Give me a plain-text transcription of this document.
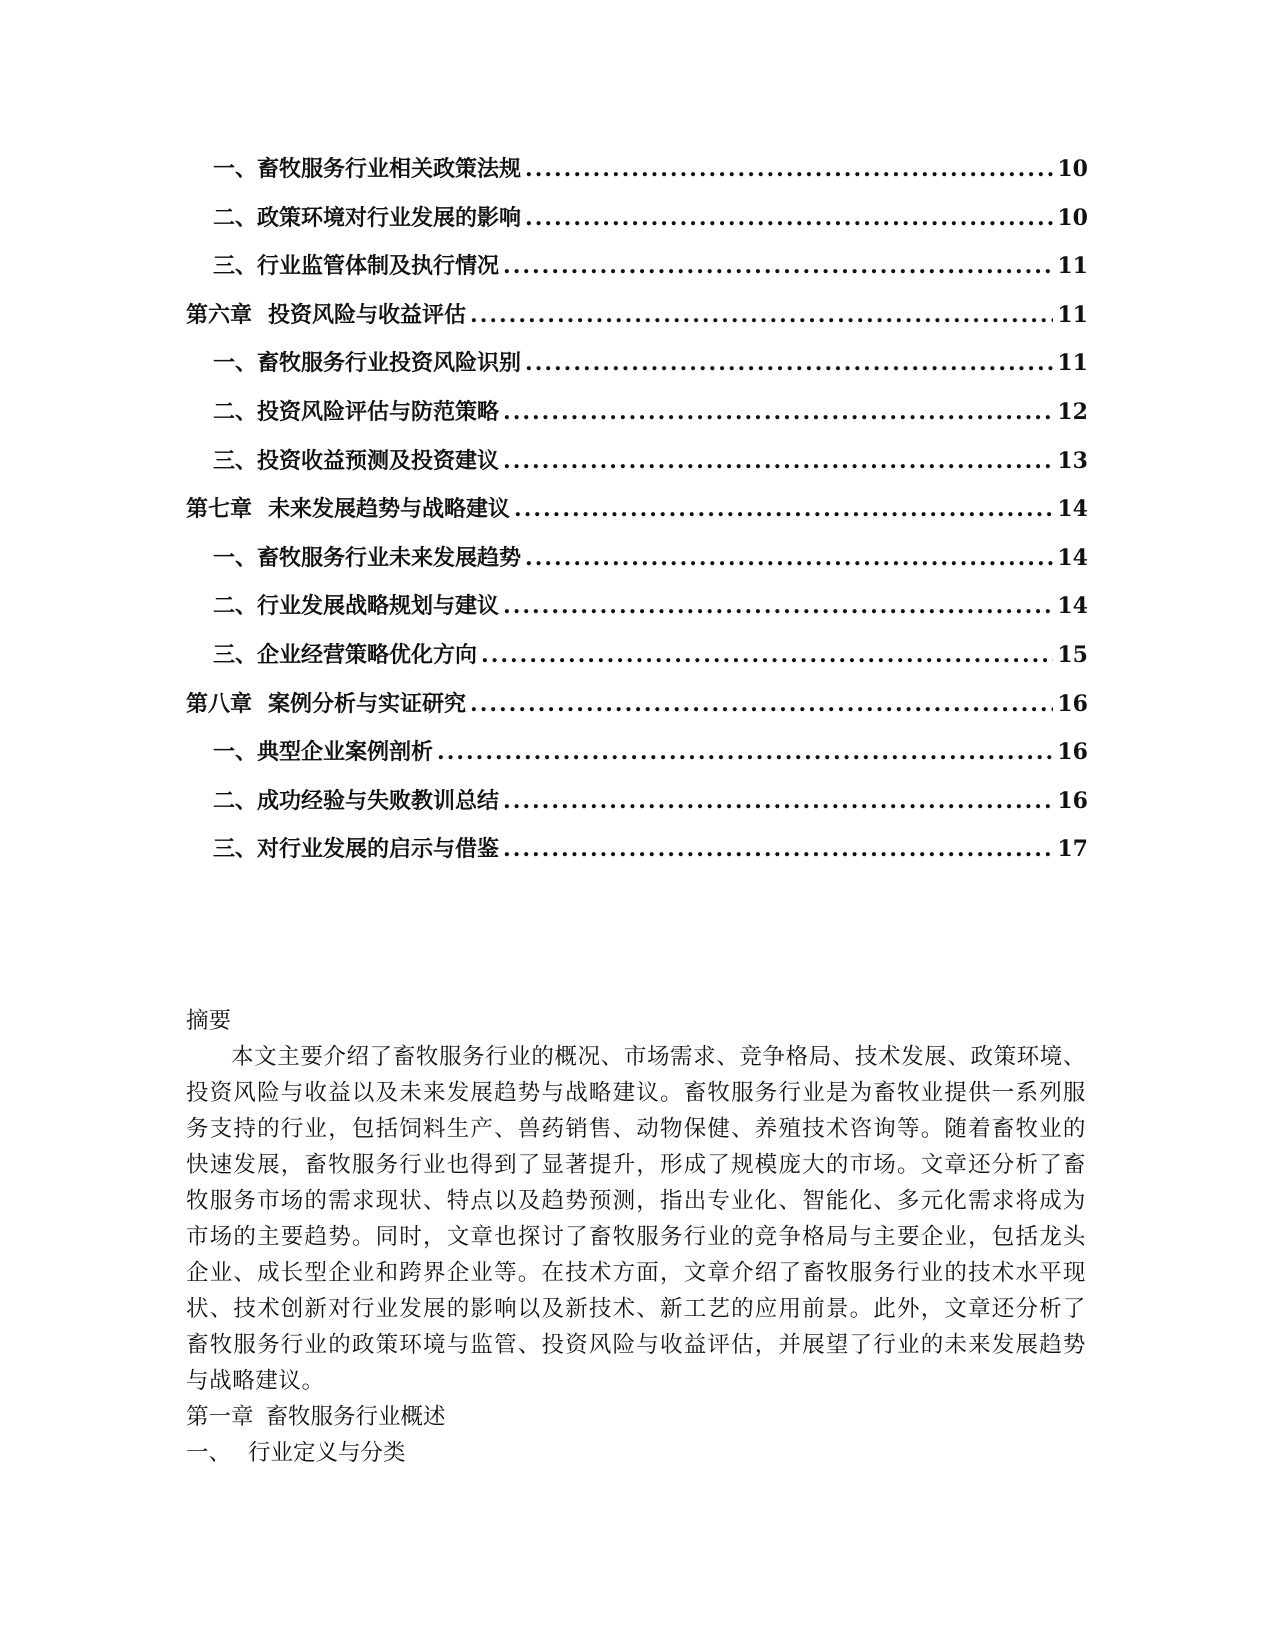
一、 畜牧服务行业相关政策法规 .....	10
二、 政策环境对行业发展的影响 .....	10
三、 行业监管体制及执行情况 .....	11
第六章 投资风险与收益评估 .....	11
一、 畜牧服务行业投资风险识别 .....	11
二、 投资风险评估与防范策略 .....	12
三、 投资收益预测及投资建议 .....	13
第七章 未来发展趋势与战略建议 .....	14
一、 畜牧服务行业未来发展趋势 .....	14
二、 行业发展战略规划与建议 .....	14
三、 企业经营策略优化方向 .....	15
第八章 案例分析与实证研究 .....	16
一、 典型企业案例剖析 .....	16
二、 成功经验与失败教训总结 .....	16
三、 对行业发展的启示与借鉴 .....	17
摘要
本文主要介绍了畜牧服务行业的概况、市场需求、竞争格局、技术发展、政策环境、投资风险与收益以及未来发展趋势与战略建议。畜牧服务行业是为畜牧业提供一系列服务支持的行业，包括饲料生产、兽药销售、动物保健、养殖技术咨询等。随着畜牧业的快速发展，畜牧服务行业也得到了显著提升，形成了规模庞大的市场。文章还分析了畜牧服务市场的需求现状、特点以及趋势预测，指出专业化、智能化、多元化需求将成为市场的主要趋势。同时，文章也探讨了畜牧服务行业的竞争格局与主要企业，包括龙头企业、成长型企业和跨界企业等。在技术方面，文章介绍了畜牧服务行业的技术水平现状、技术创新对行业发展的影响以及新技术、新工艺的应用前景。此外，文章还分析了畜牧服务行业的政策环境与监管、投资风险与收益评估，并展望了行业的未来发展趋势与战略建议。
第一章 畜牧服务行业概述
一、 行业定义与分类
